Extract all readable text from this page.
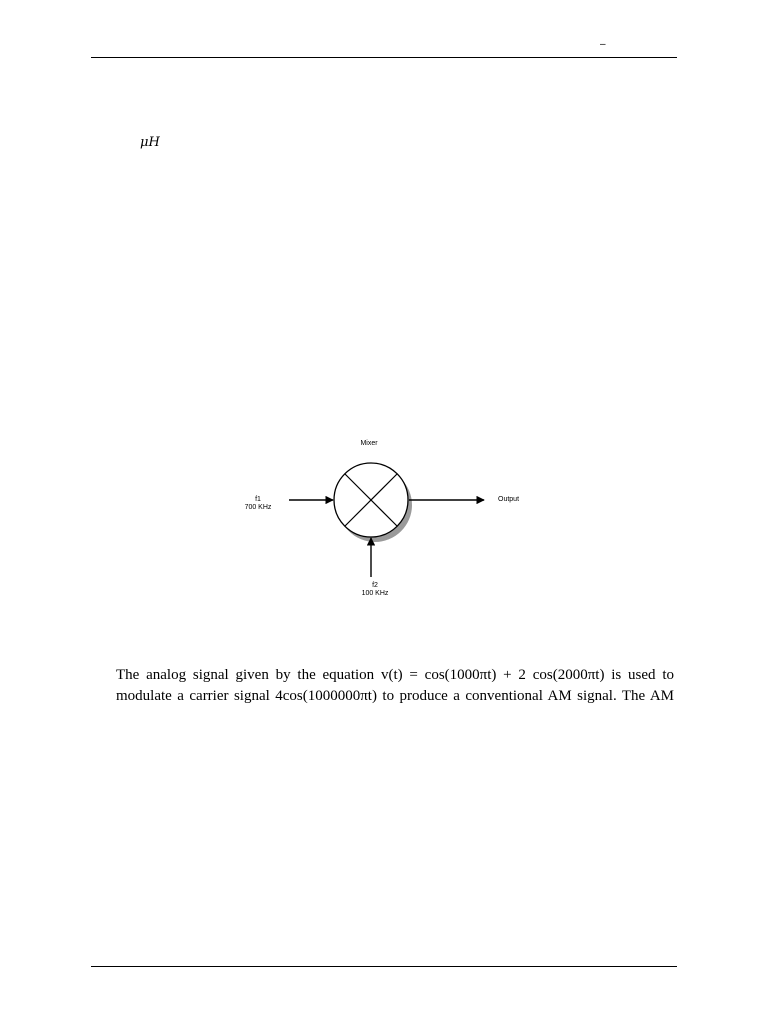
–
μH
Mixer
f1
700 KHz
Output
f2
100 KHz
The analog signal given by the equation v(t) = cos(1000πt) + 2 cos(2000πt) is used to
modulate a carrier signal 4cos(1000000πt) to produce a conventional AM signal. The AM
